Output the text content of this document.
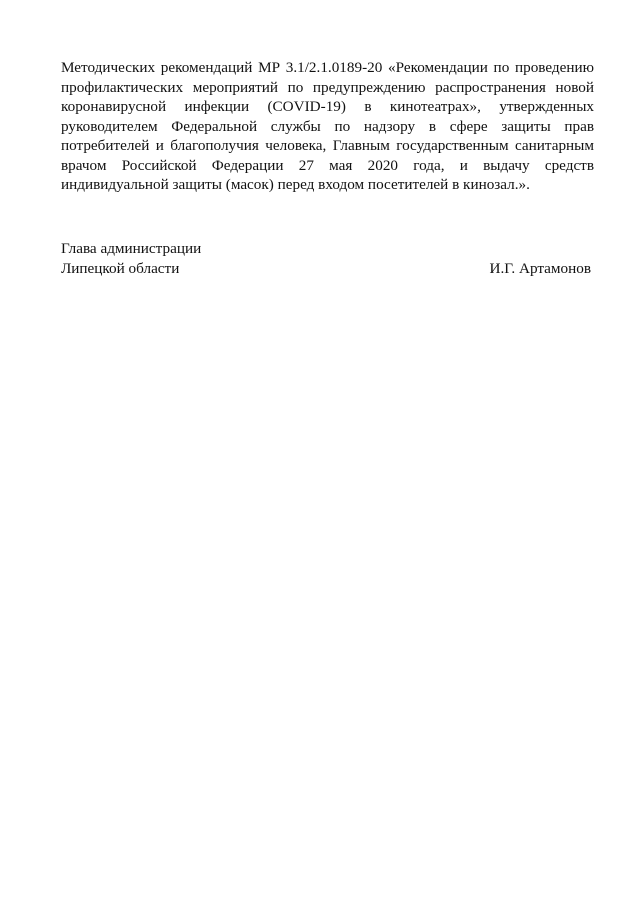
Методических рекомендаций МР 3.1/2.1.0189-20 «Рекомендации по проведению профилактических мероприятий по предупреждению распространения новой коронавирусной инфекции (COVID-19) в кинотеатрах», утвержденных руководителем Федеральной службы по надзору в сфере защиты прав потребителей и благополучия человека, Главным государственным санитарным врачом Российской Федерации 27 мая 2020 года, и выдачу средств индивидуальной защиты (масок) перед входом посетителей в кинозал.».

Глава администрации
Липецкой области	И.Г. Артамонов
